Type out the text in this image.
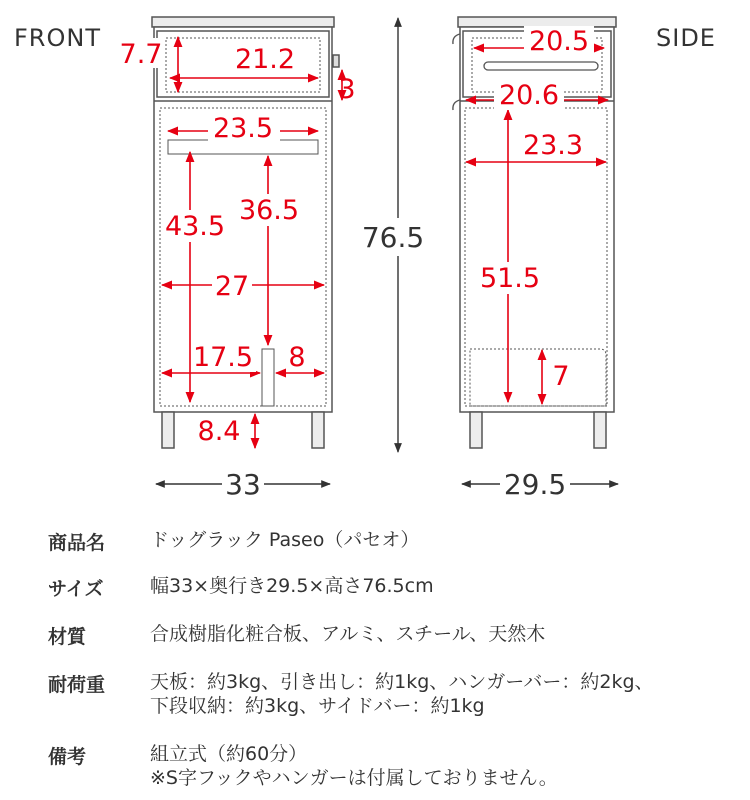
FRONT	SIDE
7.7	21.2
3
23.5
43.5
36.5
27
17.5 8
8.4
33
76.5
20.5
20.6
23.3
51.5
7
29.5
商品名 ドッグラック Paseo（パセオ）
サイズ 幅33×奥行き29.5×高さ76.5cm
材質	合成樹脂化粧合板、アルミ、スチール、天然木
耐荷重 天板：約3kg、引き出し：約1kg、ハンガーバー：約2kg、
下段収納：約3kg、サイドバー：約1kg
備考	組立式（約60分）
※S字フックやハンガーは付属しておりません。
